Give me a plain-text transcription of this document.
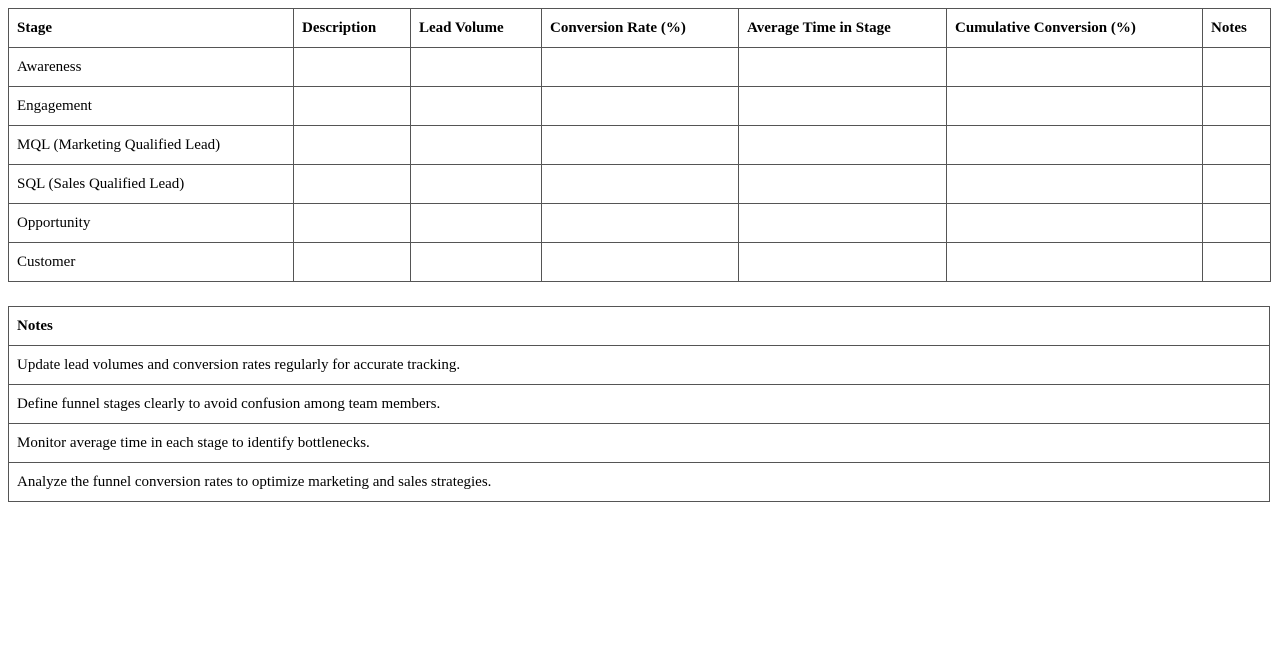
Stage	Description	Lead Volume	Conversion Rate (%)	Average Time in Stage	Cumulative Conversion (%)	Notes
Awareness						
Engagement						
MQL (Marketing Qualified Lead)						
SQL (Sales Qualified Lead)						
Opportunity						
Customer						
Notes
Update lead volumes and conversion rates regularly for accurate tracking.
Define funnel stages clearly to avoid confusion among team members.
Monitor average time in each stage to identify bottlenecks.
Analyze the funnel conversion rates to optimize marketing and sales strategies.
